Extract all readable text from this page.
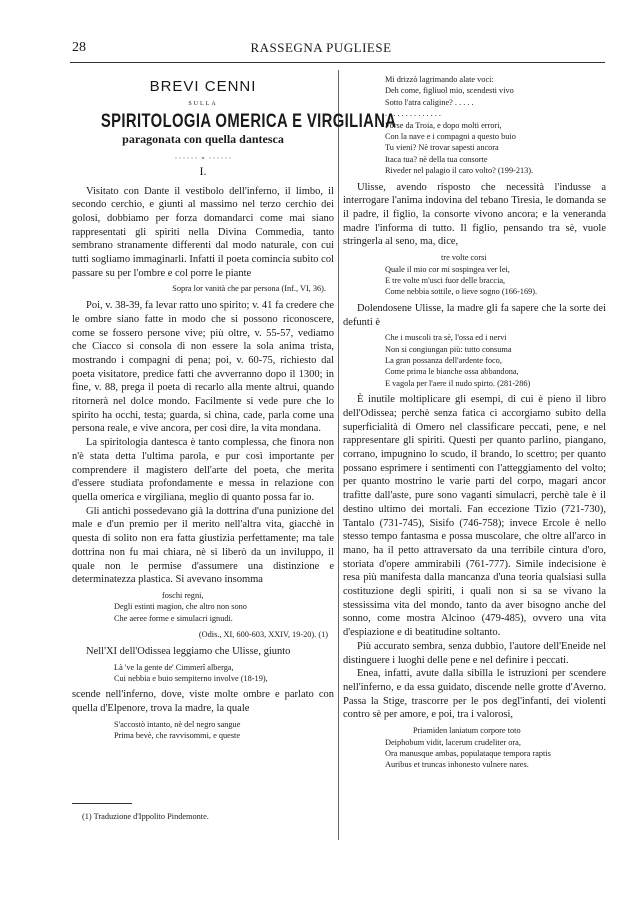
28	RASSEGNA PUGLIESE
BREVI CENNI
SULLA
SPIRITOLOGIA OMERICA E VIRGILIANA
paragonata con quella dantesca
I.

Visitato con Dante il vestibolo dell'inferno, il limbo, il secondo cerchio, e giunti al massimo nel terzo cerchio dei golosi, dobbiamo per forza domandarci come mai siano rappresentati gli spiriti nella Divina Commedia, tanto sembrano stranamente differenti dal modo naturale, con cui tutti sogliamo immaginarli. Infatti il poeta comincia subito col passare su per l'ombre e col porre le piante

Sopra lor vanità che par persona (Inf., VI, 36).

Poi, v. 38-39, fa levar ratto uno spirito; v. 41 fa credere che le ombre siano fatte in modo che si possono riconoscere, come se fossero persone vive; più oltre, v. 55-57, vediamo che Ciacco si consola di non essere la sola anima trista, mostrando i compagni di pena; poi, v. 60-75, richiesto dal poeta visitatore, predice fatti che avverranno dopo il 1300; in fine, v. 88, prega il poeta di recarlo alla mente altrui, quando ritornerà nel dolce mondo. Facilmente si vede pure che lo spirito ha occhi, testa; guarda, si china, cade, parla come una persona reale, e vive ancora, per così dire, la vita mondana.

La spiritologia dantesca è tanto complessa, che finora non n'è stata detta l'ultima parola, e pur così importante per comprendere il magistero dell'arte del poeta, che merita d'essere studiata profondamente e messa in relazione con quella omerica e virgiliana, meglio di quanto possa far io.

Gli antichi possedevano già la dottrina d'una punizione del male e d'un premio per il merito nell'altra vita, giacchè in questa di solito non era fatta giustizia perfettamente; ma tale dottrina non fu mai chiara, nè si liberò da un inviluppo, il quale non le permise d'assumere una distinzione e determinatezza plastica. Si avevano insomma

foschi regni,
Degli estinti magion, che altro non sono
Che aeree forme e simulacri ignudi.
(Odis., XI, 600-603, XXIV, 19-20). (1)

Nell'XI dell'Odissea leggiamo che Ulisse, giunto

Là 've la gente de' Cimmerî alberga,
Cui nebbia e buio sempiterno involve (18-19),

scende nell'inferno, dove, viste molte ombre e parlato con quella d'Elpenore, trova la madre, la quale

S'accostò intanto, nè del negro sangue
Prima bevè, che ravvisommi, e queste
Mi drizzò lagrimando alate voci:
Deh come, figliuol mio, scendesti vivo
Sotto l'atra caligine? . . . . .
. . . . . . . . . . . . . .
Forse da Troia, e dopo molti errori,
Con la nave e i compagni a questo buio
Tu vieni? Nè trovar sapesti ancora
Itaca tua? nè della tua consorte
Riveder nel palagio il caro volto? (199-213).

Ulisse, avendo risposto che necessità l'indusse a interrogare l'anima indovina del tebano Tiresia, le domanda se il padre, il figlio, la consorte vivono ancora; e la veneranda madre l'informa di tutto. Il figlio, pensando tra sè, vuole stringerla al seno, ma, dice,

tre volte corsi
Quale il mio cor mi sospingea ver lei,
E tre volte m'usci fuor delle braccia,
Come nebbia sottile, o lieve sogno (166-169).

Dolendosene Ulisse, la madre gli fa sapere che la sorte dei defunti è

Che i muscoli tra sè, l'ossa ed i nervi
Non si congiungan più: tutto consuma
La gran possanza dell'ardente foco,
Come prima le bianche ossa abbandona,
E vagola per l'aere il nudo spirto. (281-286)

È inutile moltiplicare gli esempi, di cui è pieno il libro dell'Odissea; perchè senza fatica ci accorgiamo subito della superficialità di Omero nel classificare peccati, pene, e nel rappresentare gli spiriti. Questi per quanto parlino, piangano, corrano, impugnino lo scudo, il brando, lo scettro; per quanto possano esprimere i sentimenti con l'atteggiamento del volto; per quanto mostrino le varie parti del corpo, magari ancor trafitte dall'aste, pure sono vaganti simulacri, perchè tale è il destino ultimo dei mortali. Fan eccezione Tizio (721-730), Tantalo (731-745), Sisifo (746-758); invece Ercole è nello stesso tempo fantasma e possa muscolare, che oltre all'arco in mano, ha il petto attraversato da una terribile cintura d'oro, storiata d'opere ammirabili (761-777). Simile indecisione è resa più manifesta dalla mancanza d'una teoria qualsiasi sulla costituzione degli spiriti, i quali non si sa se vivano la stessissima vita del mondo, tanto da aver bisogno anche del sonno, come mostra Alcinoo (479-485), ovvero una vita d'espiazione e di beatitudine soltanto.

Più accurato sembra, senza dubbio, l'autore dell'Eneide nel distinguere i luoghi delle pene e nel definire i peccati.

Enea, infatti, avute dalla sibilla le istruzioni per scendere nell'inferno, e da essa guidato, discende nelle grotte d'Averno. Passa la Stige, trascorre per le pos degl'infanti, dei violenti contro sè per amore, e poi, tra i valorosi,

Priamiden laniatum corpore toto
Deiphobum vidit, lacerum crudeliter ora,
Ora manusque ambas, populataque tempora raptis
Auribus et truncas inhonesto vulnere nares.
(1) Traduzione d'Ippolito Pindemonte.
